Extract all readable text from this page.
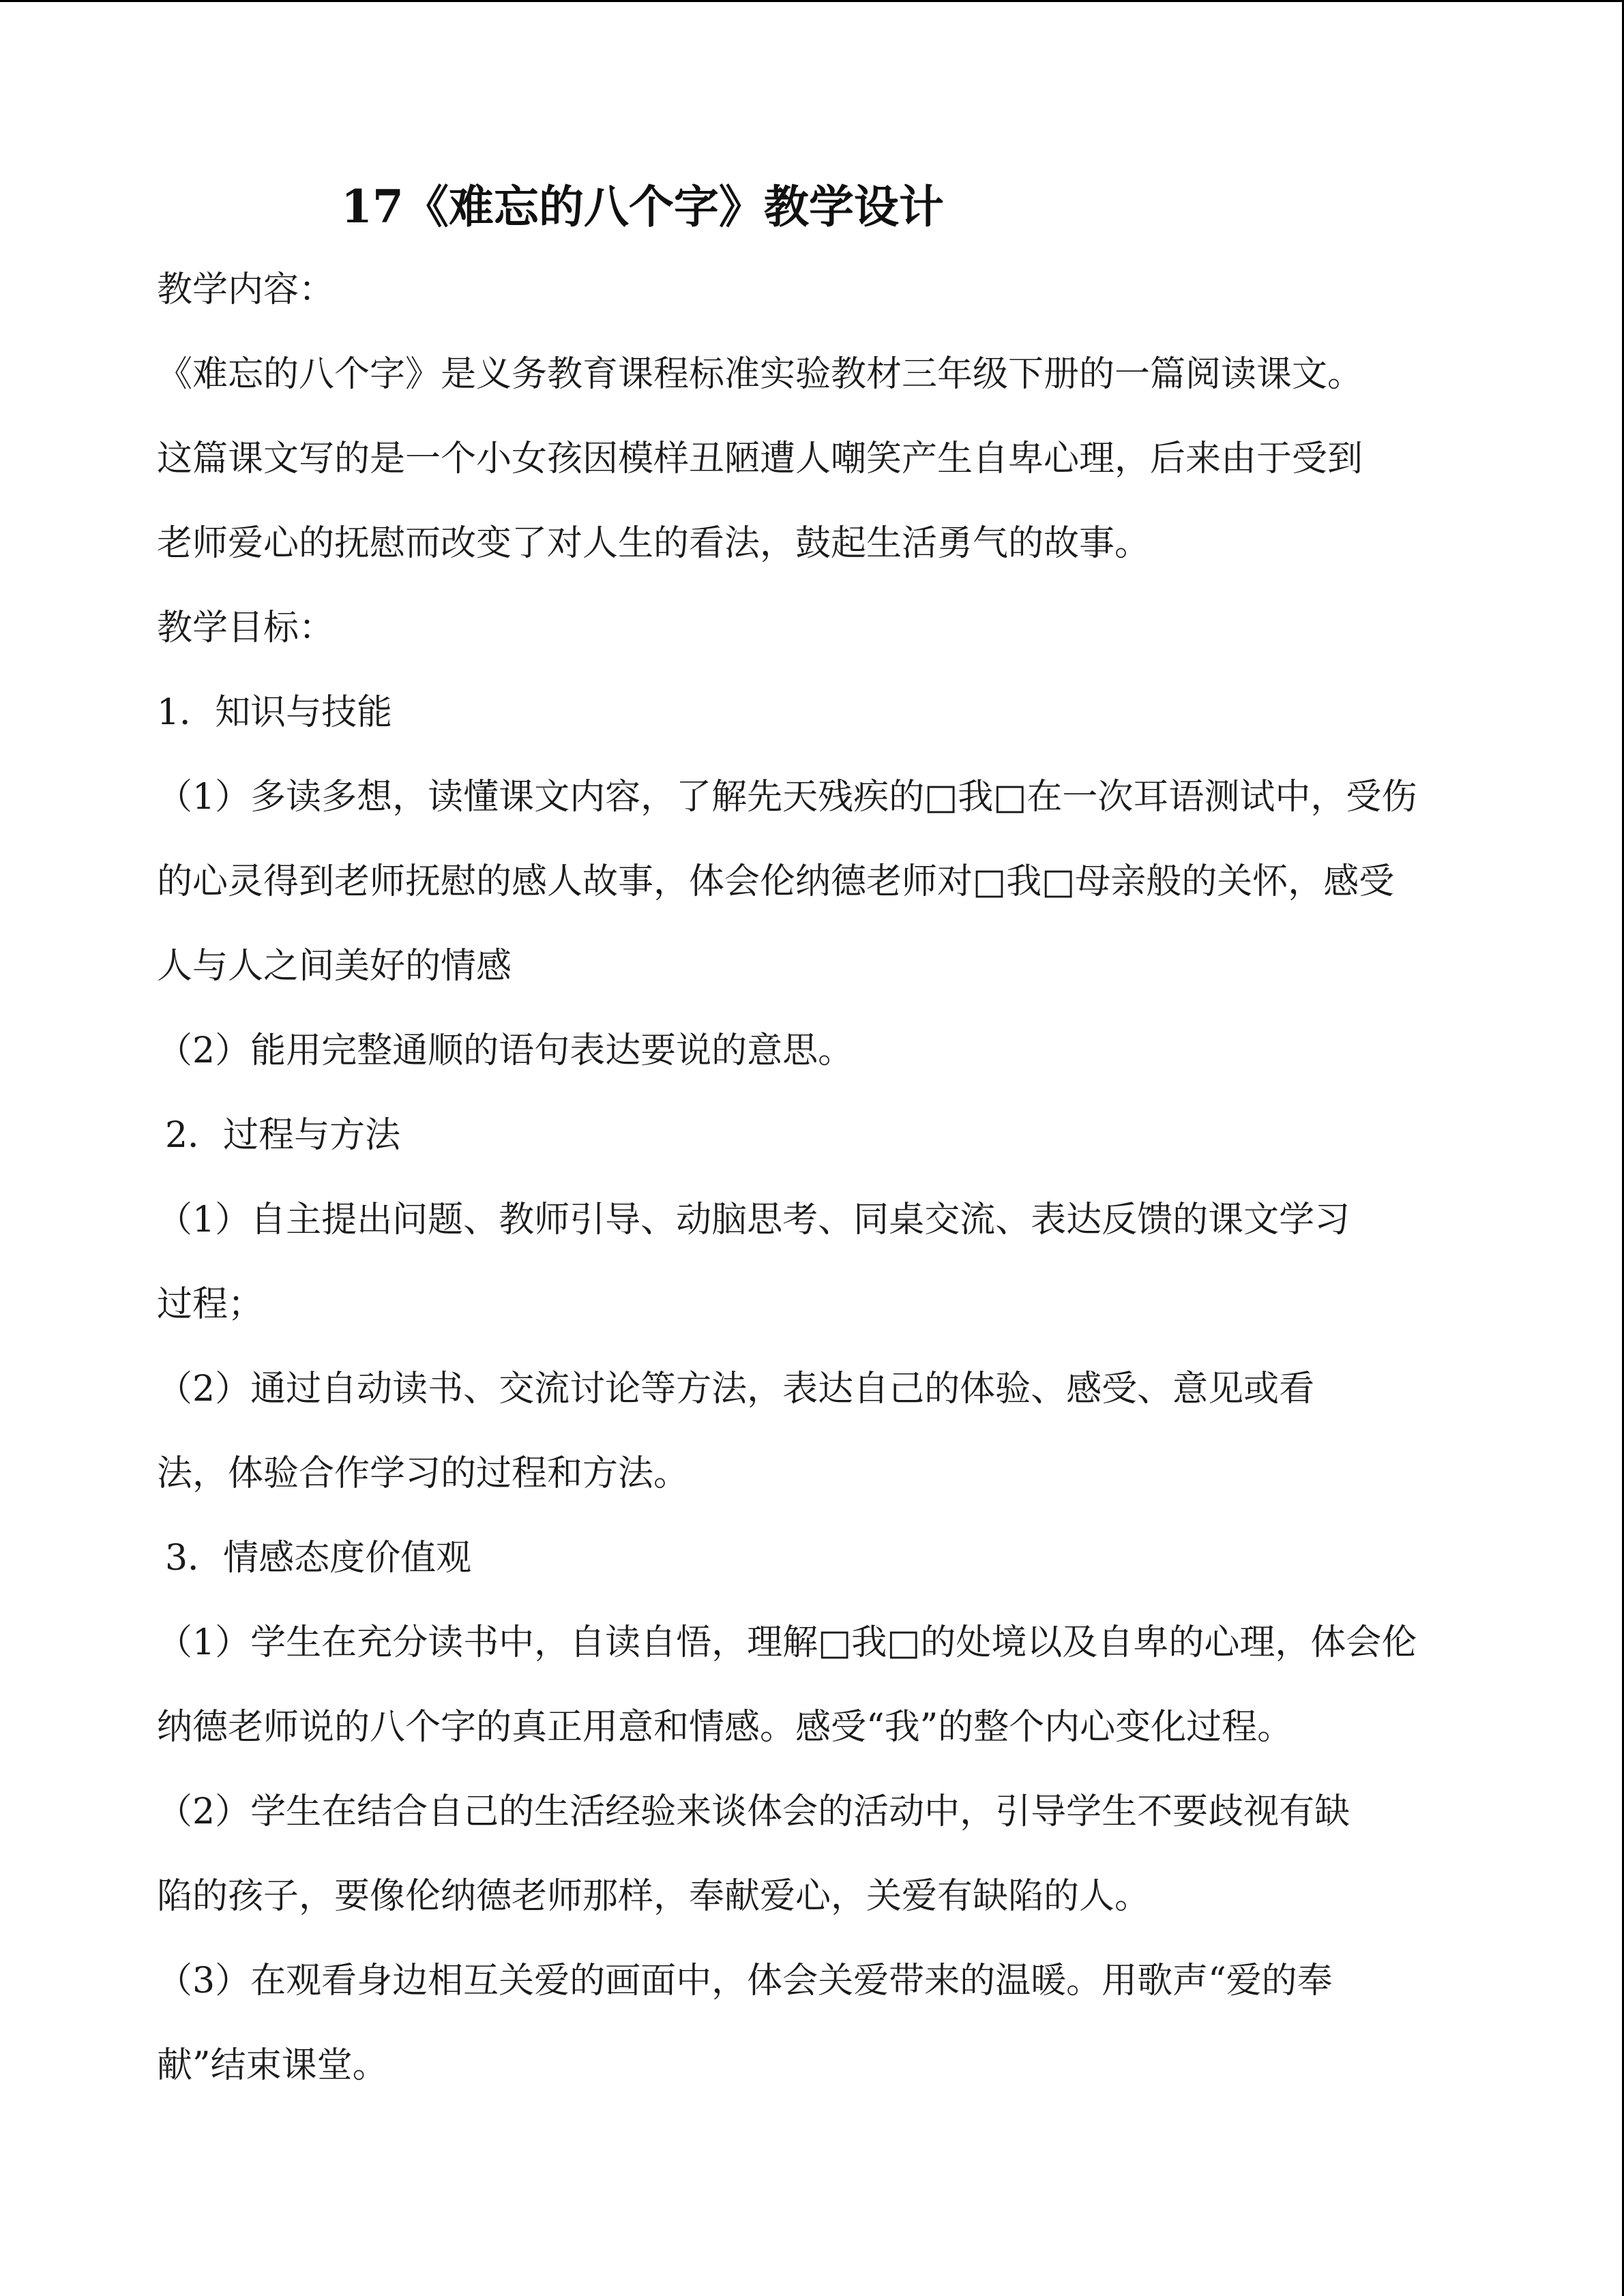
17《难忘的八个字》教学设计

教学内容：

《难忘的八个字》是义务教育课程标准实验教材三年级下册的一篇阅读课文。

这篇课文写的是一个小女孩因模样丑陋遭人嘲笑产生自卑心理，后来由于受到

老师爱心的抚慰而改变了对人生的看法，鼓起生活勇气的故事。

教学目标：

1．知识与技能

（1）多读多想，读懂课文内容，了解先天残疾的□我□在一次耳语测试中，受伤

的心灵得到老师抚慰的感人故事，体会伦纳德老师对□我□母亲般的关怀，感受

人与人之间美好的情感

（2）能用完整通顺的语句表达要说的意思。

2．过程与方法

（1）自主提出问题、教师引导、动脑思考、同桌交流、表达反馈的课文学习

过程；

（2）通过自动读书、交流讨论等方法，表达自己的体验、感受、意见或看

法，体验合作学习的过程和方法。

3．情感态度价值观

（1）学生在充分读书中，自读自悟，理解□我□的处境以及自卑的心理，体会伦

纳德老师说的八个字的真正用意和情感。感受“我”的整个内心变化过程。

（2）学生在结合自己的生活经验来谈体会的活动中，引导学生不要歧视有缺

陷的孩子，要像伦纳德老师那样，奉献爱心，关爱有缺陷的人。

（3）在观看身边相互关爱的画面中，体会关爱带来的温暖。用歌声“爱的奉

献”结束课堂。
